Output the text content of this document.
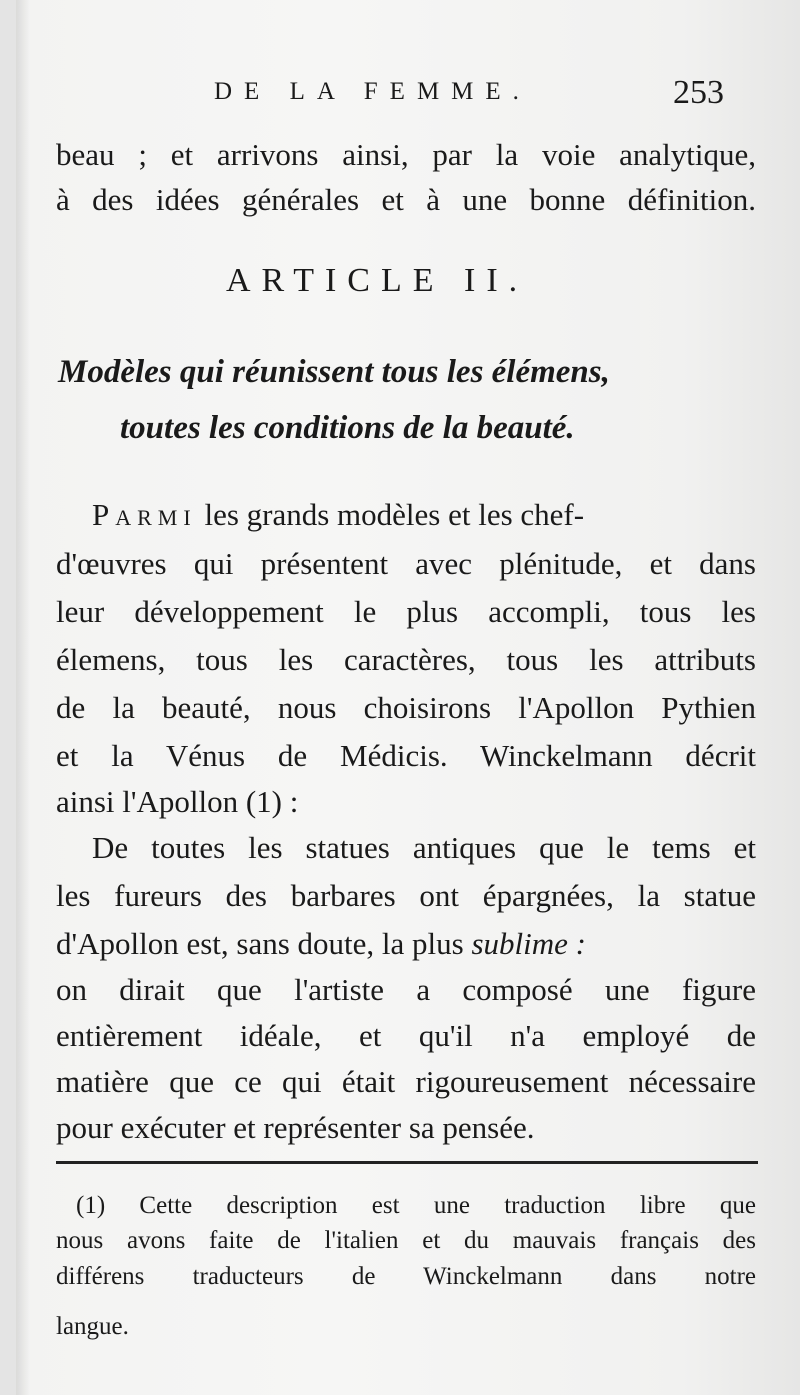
DE LA FEMME.	253
beau ; et arrivons ainsi, par la voie analytique,
à des idées générales et à une bonne définition.
ARTICLE II.
Modèles qui réunissent tous les élémens,
toutes les conditions de la beauté.
Parmi les grands modèles et les chef-
d'œuvres qui présentent avec plénitude, et dans
leur développement le plus accompli, tous les
élemens, tous les caractères, tous les attributs
de la beauté, nous choisirons l'Apollon Pythien
et la Vénus de Médicis. Winckelmann décrit
ainsi l'Apollon (1) :
De toutes les statues antiques que le tems et
les fureurs des barbares ont épargnées, la statue
d'Apollon est, sans doute, la plus sublime :
on dirait que l'artiste a composé une figure
entièrement idéale, et qu'il n'a employé de
matière que ce qui était rigoureusement nécessaire
pour exécuter et représenter sa pensée.
(1) Cette description est une traduction libre que
nous avons faite de l'italien et du mauvais français des
différens traducteurs de Winckelmann dans notre
langue.
